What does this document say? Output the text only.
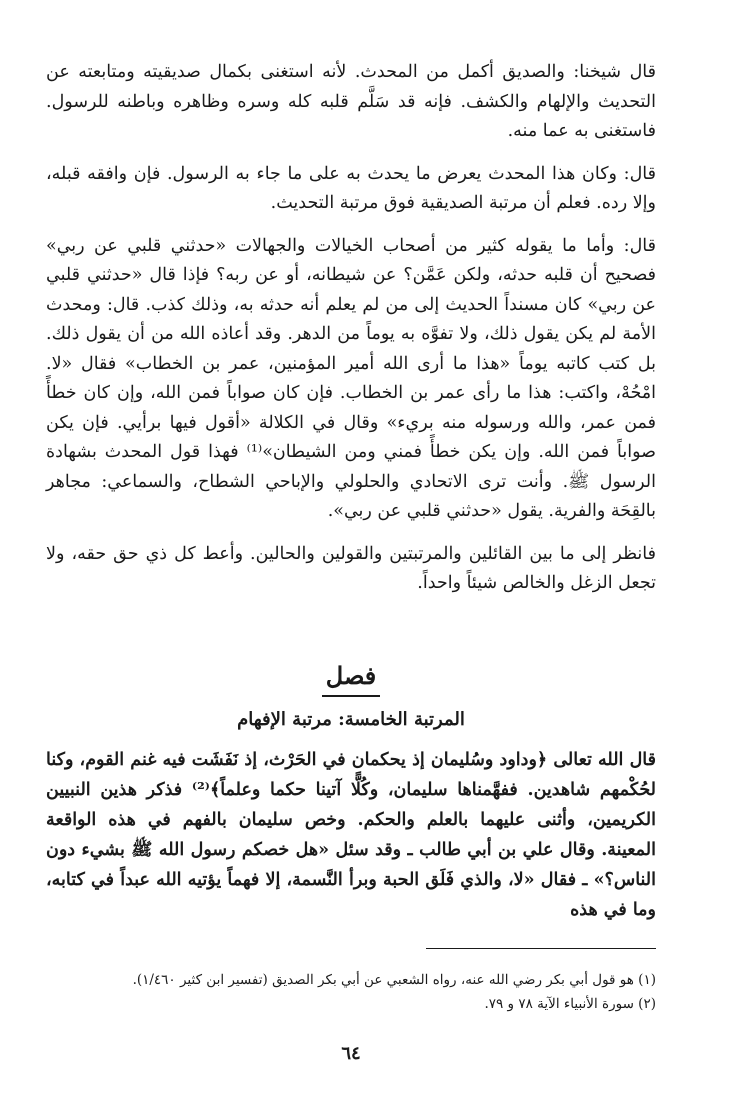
قال شيخنا: والصديق أكمل من المحدث. لأنه استغنى بكمال صديقيته ومتابعته عن التحديث والإلهام والكشف. فإنه قد سَلَّم قلبه كله وسره وظاهره وباطنه للرسول. فاستغنى به عما منه.

قال: وكان هذا المحدث يعرض ما يحدث به على ما جاء به الرسول. فإن وافقه قبله، وإلا رده. فعلم أن مرتبة الصديقية فوق مرتبة التحديث.

قال: وأما ما يقوله كثير من أصحاب الخيالات والجهالات «حدثني قلبي عن ربي» فصحيح أن قلبه حدثه، ولكن عَمَّن؟ عن شيطانه، أو عن ربه؟ فإذا قال «حدثني قلبي عن ربي» كان مسنداً الحديث إلى من لم يعلم أنه حدثه به، وذلك كذب. قال: ومحدث الأمة لم يكن يقول ذلك، ولا تفوَّه به يوماً من الدهر. وقد أعاذه الله من أن يقول ذلك. بل كتب كاتبه يوماً «هذا ما أرى الله أمير المؤمنين، عمر بن الخطاب» فقال «لا. امْحُهْ، واكتب: هذا ما رأى عمر بن الخطاب. فإن كان صواباً فمن الله، وإن كان خطأً فمن عمر، والله ورسوله منه بريء» وقال في الكلالة «أقول فيها برأيي. فإن يكن صواباً فمن الله. وإن يكن خطأً فمني ومن الشيطان»⁽¹⁾ فهذا قول المحدث بشهادة الرسول ﷺ. وأنت ترى الاتحادي والحلولي والإباحي الشطاح، والسماعي: مجاهر بالقِحَة والفرية. يقول «حدثني قلبي عن ربي».

فانظر إلى ما بين القائلين والمرتبتين والقولين والحالين. وأعط كل ذي حق حقه، ولا تجعل الزغل والخالص شيئاً واحداً.

فصل
المرتبة الخامسة: مرتبة الإفهام

قال الله تعالى ﴿وداود وسُليمان إذ يحكمان في الحَرْث، إذ نَفَشَت فيه غنم القوم، وكنا لحُكْمهم شاهدين. ففهَّمناها سليمان، وكُلًّا آتينا حكما وعلماً﴾⁽²⁾ فذكر هذين النبيين الكريمين، وأثنى عليهما بالعلم والحكم. وخص سليمان بالفهم في هذه الواقعة المعينة. وقال علي بن أبي طالب ـ وقد سئل «هل خصكم رسول الله ﷺ بشيء دون الناس؟» ـ فقال «لا، والذي فَلَق الحبة وبرأ النَّسمة، إلا فهماً يؤتيه الله عبداً في كتابه، وما في هذه

(١) هو قول أبي بكر رضي الله عنه، رواه الشعبي عن أبي بكر الصديق (تفسير ابن كثير ١/٤٦٠).
(٢) سورة الأنبياء الآية ٧٨ و ٧٩.
٦٤
